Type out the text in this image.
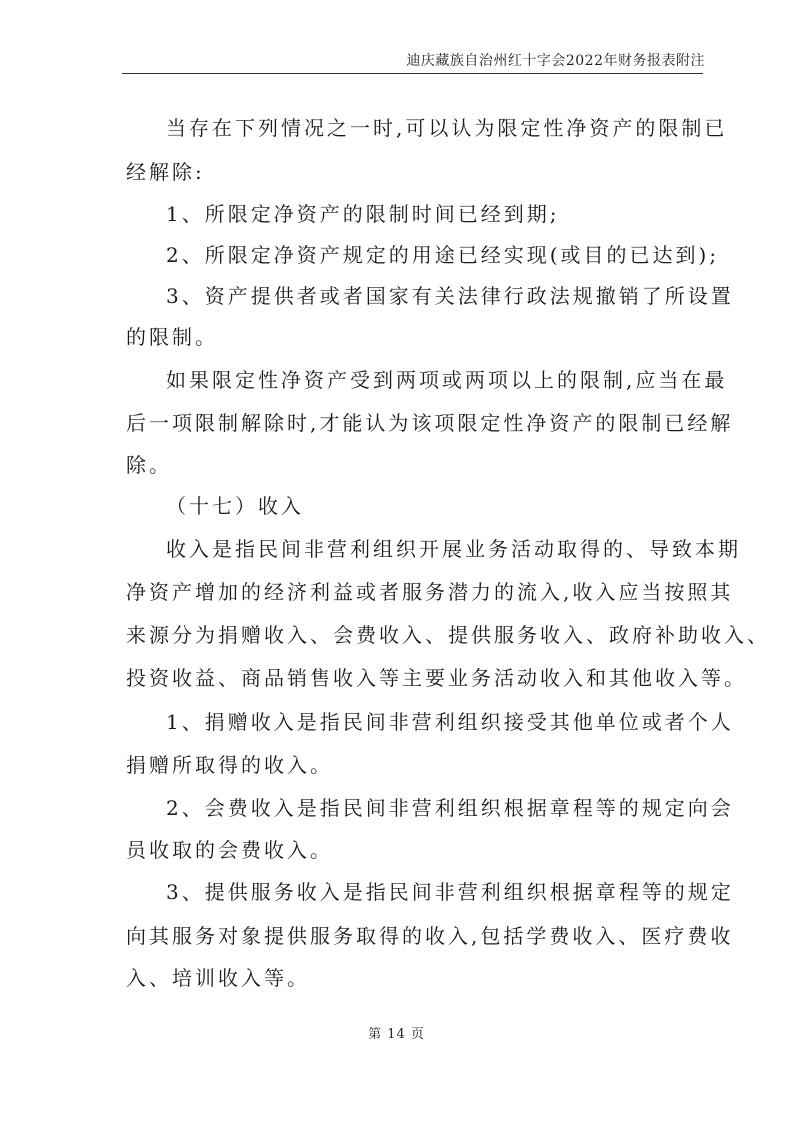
迪庆藏族自治州红十字会2022年财务报表附注
当存在下列情况之一时,可以认为限定性净资产的限制已
经解除:
1、所限定净资产的限制时间已经到期;
2、所限定净资产规定的用途已经实现(或目的已达到);
3、资产提供者或者国家有关法律行政法规撤销了所设置
的限制。
如果限定性净资产受到两项或两项以上的限制,应当在最
后一项限制解除时,才能认为该项限定性净资产的限制已经解
除。
（十七）收入
收入是指民间非营利组织开展业务活动取得的、导致本期
净资产增加的经济利益或者服务潜力的流入,收入应当按照其
来源分为捐赠收入、会费收入、提供服务收入、政府补助收入、
投资收益、商品销售收入等主要业务活动收入和其他收入等。
1、捐赠收入是指民间非营利组织接受其他单位或者个人
捐赠所取得的收入。
2、会费收入是指民间非营利组织根据章程等的规定向会
员收取的会费收入。
3、提供服务收入是指民间非营利组织根据章程等的规定
向其服务对象提供服务取得的收入,包括学费收入、医疗费收
入、培训收入等。
第 14 页
